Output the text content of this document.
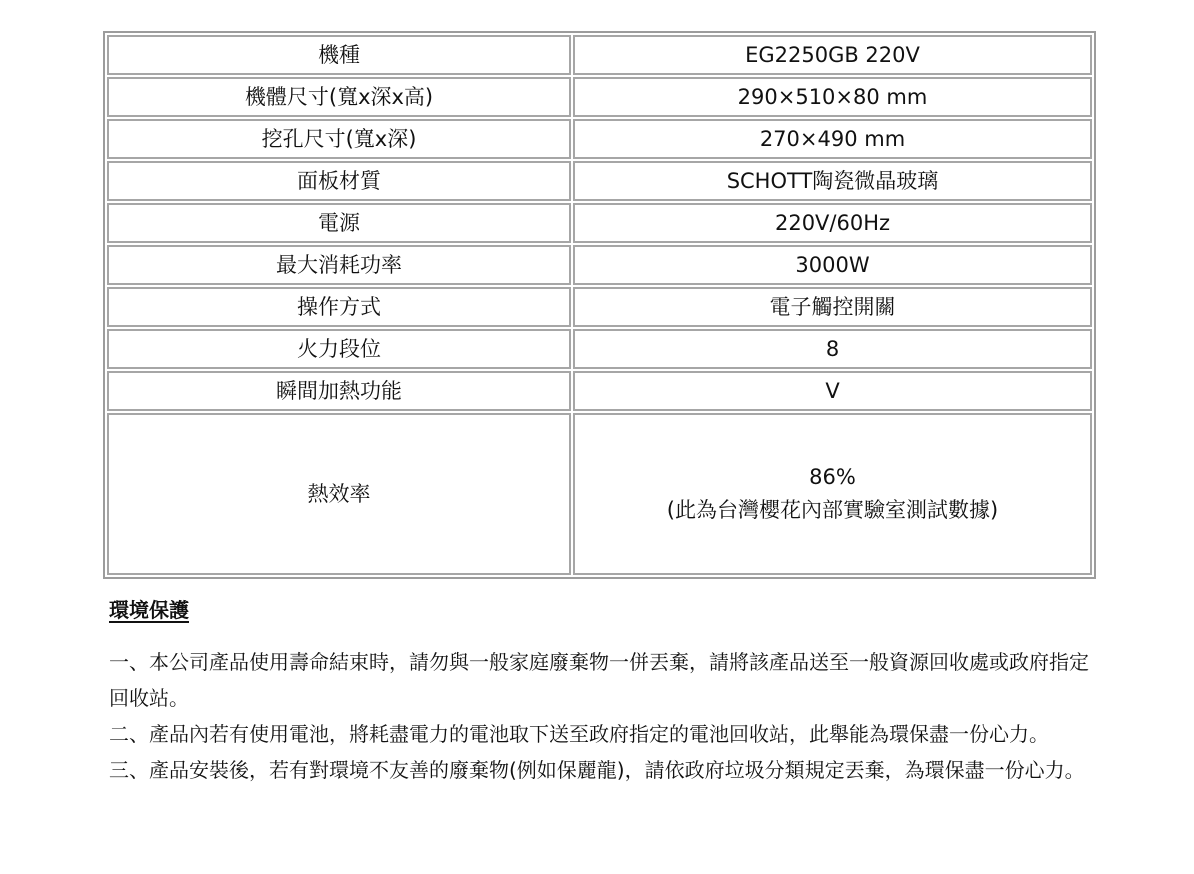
機種	EG2250GB 220V
機體尺寸(寬x深x高)	290×510×80 mm
挖孔尺寸(寬x深)	270×490 mm
面板材質	SCHOTT陶瓷微晶玻璃
電源	220V/60Hz
最大消耗功率	3000W
操作方式	電子觸控開關
火力段位	8
瞬間加熱功能	V
熱效率	86%
(此為台灣櫻花內部實驗室測試數據)
環境保護

一、本公司產品使用壽命結束時，請勿與一般家庭廢棄物一併丟棄，請將該產品送至一般資源回收處或政府指定回收站。

二、產品內若有使用電池，將耗盡電力的電池取下送至政府指定的電池回收站，此舉能為環保盡一份心力。

三、產品安裝後，若有對環境不友善的廢棄物(例如保麗龍)，請依政府垃圾分類規定丟棄，為環保盡一份心力。
